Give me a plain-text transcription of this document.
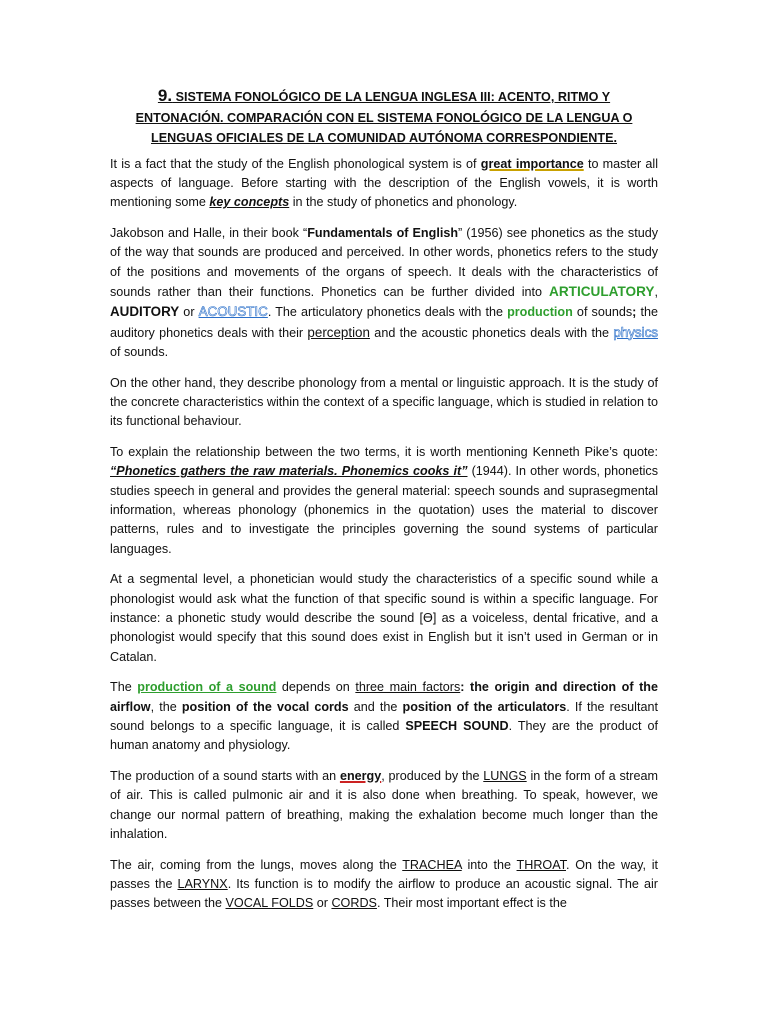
9. SISTEMA FONOLÓGICO DE LA LENGUA INGLESA III: ACENTO, RITMO Y ENTONACIÓN. COMPARACIÓN CON EL SISTEMA FONOLÓGICO DE LA LENGUA O LENGUAS OFICIALES DE LA COMUNIDAD AUTÓNOMA CORRESPONDIENTE.

It is a fact that the study of the English phonological system is of great importance to master all aspects of language. Before starting with the description of the English vowels, it is worth mentioning some key concepts in the study of phonetics and phonology.

Jakobson and Halle, in their book “Fundamentals of English” (1956) see phonetics as the study of the way that sounds are produced and perceived. In other words, phonetics refers to the study of the positions and movements of the organs of speech. It deals with the characteristics of sounds rather than their functions. Phonetics can be further divided into ARTICULATORY, AUDITORY or ACOUSTIC. The articulatory phonetics deals with the production of sounds; the auditory phonetics deals with their perception and the acoustic phonetics deals with the physics of sounds.

On the other hand, they describe phonology from a mental or linguistic approach. It is the study of the concrete characteristics within the context of a specific language, which is studied in relation to its functional behaviour.

To explain the relationship between the two terms, it is worth mentioning Kenneth Pike’s quote: “Phonetics gathers the raw materials. Phonemics cooks it” (1944). In other words, phonetics studies speech in general and provides the general material: speech sounds and suprasegmental information, whereas phonology (phonemics in the quotation) uses the material to discover patterns, rules and to investigate the principles governing the sound systems of particular languages.

At a segmental level, a phonetician would study the characteristics of a specific sound while a phonologist would ask what the function of that specific sound is within a specific language. For instance: a phonetic study would describe the sound [ϴ] as a voiceless, dental fricative, and a phonologist would specify that this sound does exist in English but it isn’t used in German or in Catalan.

The production of a sound depends on three main factors: the origin and direction of the airflow, the position of the vocal cords and the position of the articulators. If the resultant sound belongs to a specific language, it is called SPEECH SOUND. They are the product of human anatomy and physiology.

The production of a sound starts with an energy, produced by the LUNGS in the form of a stream of air. This is called pulmonic air and it is also done when breathing. To speak, however, we change our normal pattern of breathing, making the exhalation become much longer than the inhalation.

The air, coming from the lungs, moves along the TRACHEA into the THROAT. On the way, it passes the LARYNX. Its function is to modify the airflow to produce an acoustic signal. The air passes between the VOCAL FOLDS or CORDS. Their most important effect is the
